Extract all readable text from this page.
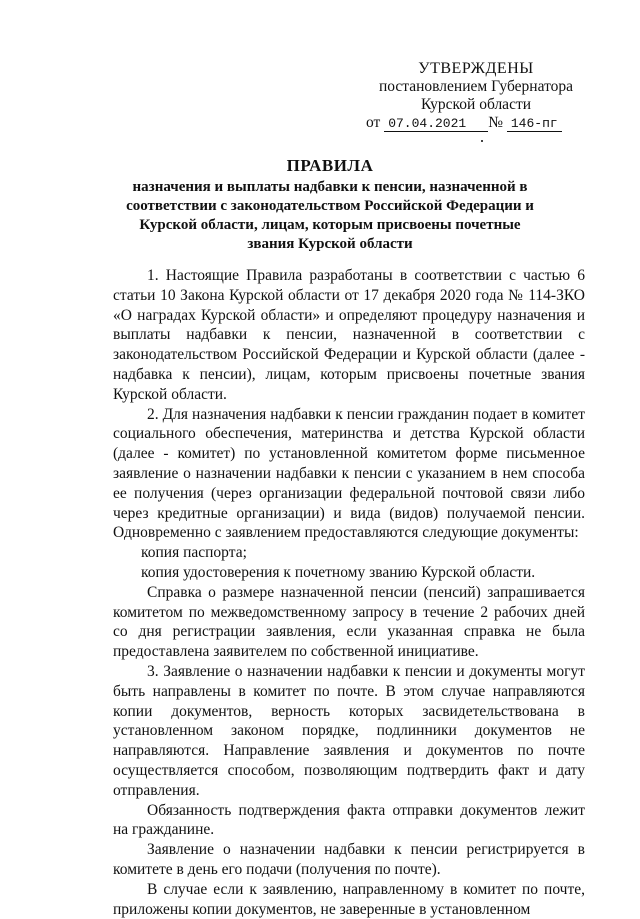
УТВЕРЖДЕНЫ
постановлением Губернатора
Курской области
от 07.04.2021 № 146-пг
ПРАВИЛА
назначения и выплаты надбавки к пенсии, назначенной в соответствии с законодательством Российской Федерации и Курской области, лицам, которым присвоены почетные звания Курской области

1. Настоящие Правила разработаны в соответствии с частью 6 статьи 10 Закона Курской области от 17 декабря 2020 года № 114-ЗКО «О наградах Курской области» и определяют процедуру назначения и выплаты надбавки к пенсии, назначенной в соответствии с законодательством Российской Федерации и Курской области (далее - надбавка к пенсии), лицам, которым присвоены почетные звания Курской области.

2. Для назначения надбавки к пенсии гражданин подает в комитет социального обеспечения, материнства и детства Курской области (далее - комитет) по установленной комитетом форме письменное заявление о назначении надбавки к пенсии с указанием в нем способа ее получения (через организации федеральной почтовой связи либо через кредитные организации) и вида (видов) получаемой пенсии. Одновременно с заявлением предоставляются следующие документы:

копия паспорта;

копия удостоверения к почетному званию Курской области.

Справка о размере назначенной пенсии (пенсий) запрашивается комитетом по межведомственному запросу в течение 2 рабочих дней со дня регистрации заявления, если указанная справка не была предоставлена заявителем по собственной инициативе.

3. Заявление о назначении надбавки к пенсии и документы могут быть направлены в комитет по почте. В этом случае направляются копии документов, верность которых засвидетельствована в установленном законом порядке, подлинники документов не направляются. Направление заявления и документов по почте осуществляется способом, позволяющим подтвердить факт и дату отправления.

Обязанность подтверждения факта отправки документов лежит на гражданине.

Заявление о назначении надбавки к пенсии регистрируется в комитете в день его подачи (получения по почте).

В случае если к заявлению, направленному в комитет по почте, приложены копии документов, не заверенные в установленном
